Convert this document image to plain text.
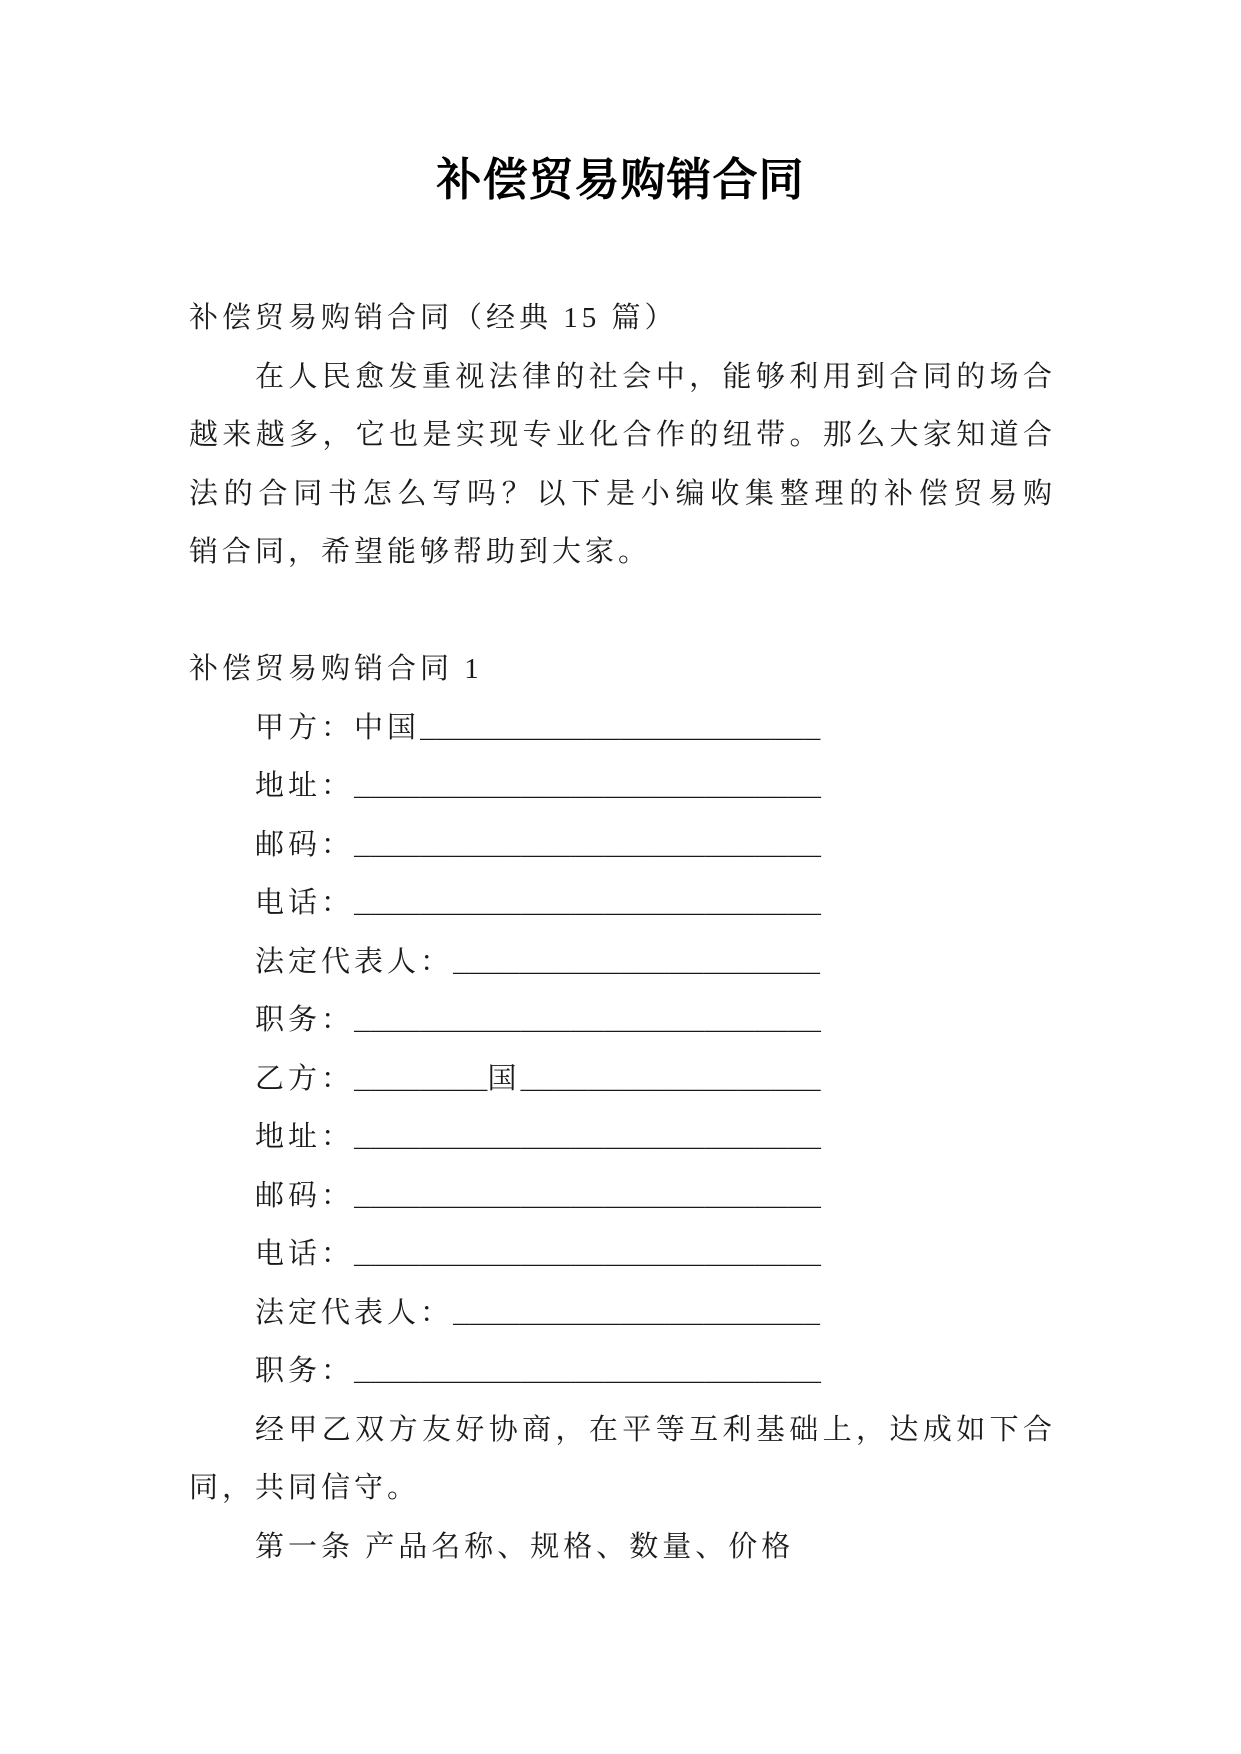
补偿贸易购销合同
补偿贸易购销合同（经典 15 篇）
在人民愈发重视法律的社会中，能够利用到合同的场合
越来越多，它也是实现专业化合作的纽带。那么大家知道合
法的合同书怎么写吗？以下是小编收集整理的补偿贸易购
销合同，希望能够帮助到大家。
补偿贸易购销合同 1
甲方：中国________________________
地址：____________________________
邮码：____________________________
电话：____________________________
法定代表人：______________________
职务：____________________________
乙方：________国__________________
地址：____________________________
邮码：____________________________
电话：____________________________
法定代表人：______________________
职务：____________________________
经甲乙双方友好协商，在平等互利基础上，达成如下合
同，共同信守。
第一条 产品名称、规格、数量、价格
